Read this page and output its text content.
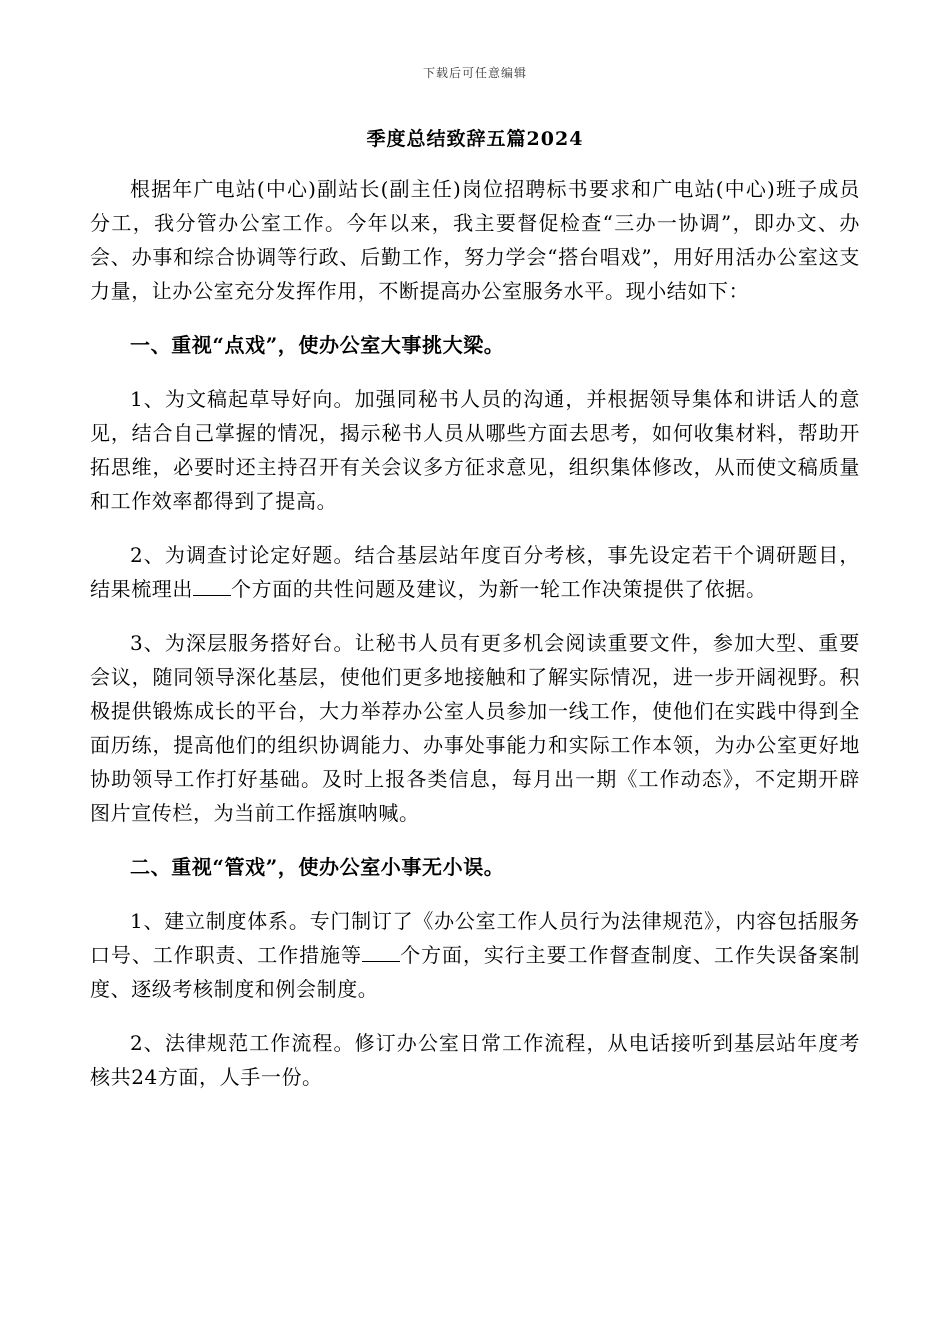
下载后可任意编辑
季度总结致辞五篇2024

根据年广电站(中心)副站长(副主任)岗位招聘标书要求和广电站(中心)班子成员分工，我分管办公室工作。今年以来，我主要督促检查“三办一协调”，即办文、办会、办事和综合协调等行政、后勤工作，努力学会“搭台唱戏”，用好用活办公室这支力量，让办公室充分发挥作用，不断提高办公室服务水平。现小结如下：

一、重视“点戏”，使办公室大事挑大梁。

1、为文稿起草导好向。加强同秘书人员的沟通，并根据领导集体和讲话人的意见，结合自己掌握的情况，揭示秘书人员从哪些方面去思考，如何收集材料，帮助开拓思维，必要时还主持召开有关会议多方征求意见，组织集体修改，从而使文稿质量和工作效率都得到了提高。

2、为调查讨论定好题。结合基层站年度百分考核，事先设定若干个调研题目，结果梳理出 个方面的共性问题及建议，为新一轮工作决策提供了依据。

3、为深层服务搭好台。让秘书人员有更多机会阅读重要文件，参加大型、重要会议，随同领导深化基层，使他们更多地接触和了解实际情况，进一步开阔视野。积极提供锻炼成长的平台，大力举荐办公室人员参加一线工作，使他们在实践中得到全面历练，提高他们的组织协调能力、办事处事能力和实际工作本领，为办公室更好地协助领导工作打好基础。及时上报各类信息，每月出一期《工作动态》，不定期开辟图片宣传栏，为当前工作摇旗呐喊。

二、重视“管戏”，使办公室小事无小误。

1、建立制度体系。专门制订了《办公室工作人员行为法律规范》，内容包括服务口号、工作职责、工作措施等 个方面，实行主要工作督查制度、工作失误备案制度、逐级考核制度和例会制度。

2、法律规范工作流程。修订办公室日常工作流程，从电话接听到基层站年度考核共24方面，人手一份。
